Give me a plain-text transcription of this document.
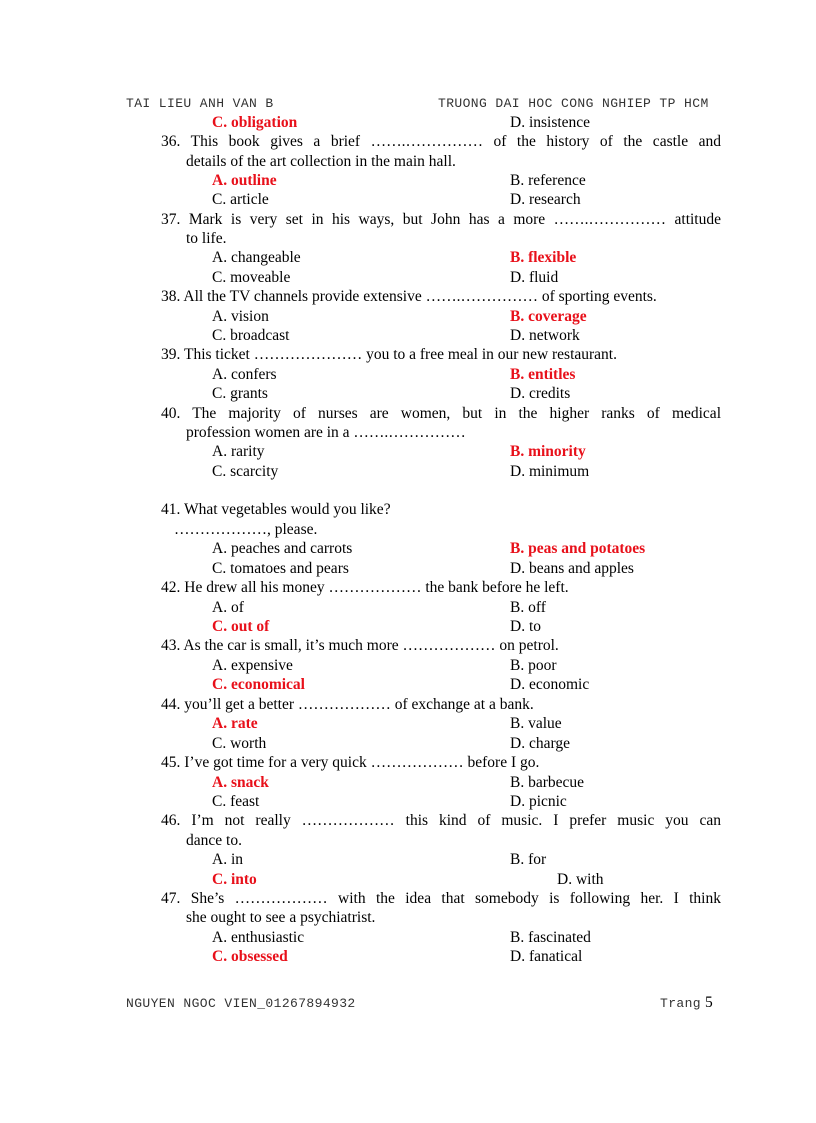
TAI LIEU ANH VAN B	TRUONG DAI HOC CONG NGHIEP TP HCM
C. obligation	D. insistence
36. This book gives a brief …….…………… of the history of the castle and
details of the art collection in the main hall.
A. outline	B. reference
C. article	D. research
37. Mark is very set in his ways, but John has a more …….…………… attitude
to life.
A. changeable	B. flexible
C. moveable	D. fluid
38. All the TV channels provide extensive …….…………… of sporting events.
A. vision	B. coverage
C. broadcast	D. network
39. This ticket ………………… you to a free meal in our new restaurant.
A. confers	B. entitles
C. grants	D. credits
40. The majority of nurses are women, but in the higher ranks of medical
profession women are in a …….……………
A. rarity	B. minority
C. scarcity	D. minimum
41. What vegetables would you like?
………………, please.
A. peaches and carrots	B. peas and potatoes
C. tomatoes and pears	D. beans and apples
42. He drew all his money ……………… the bank before he left.
A. of	B. off
C. out of	D. to
43. As the car is small, it’s much more ……………… on petrol.
A. expensive	B. poor
C. economical	D. economic
44. you’ll get a better ……………… of exchange at a bank.
A. rate	B. value
C. worth	D. charge
45. I’ve got time for a very quick ……………… before I go.
A. snack	B. barbecue
C. feast	D. picnic
46. I’m not really ……………… this kind of music. I prefer music you can
dance to.
A. in	B. for
C. into	D. with
47. She’s ……………… with the idea that somebody is following her. I think
she ought to see a psychiatrist.
A. enthusiastic	B. fascinated
C. obsessed	D. fanatical
NGUYEN NGOC VIEN_01267894932	Trang 5
